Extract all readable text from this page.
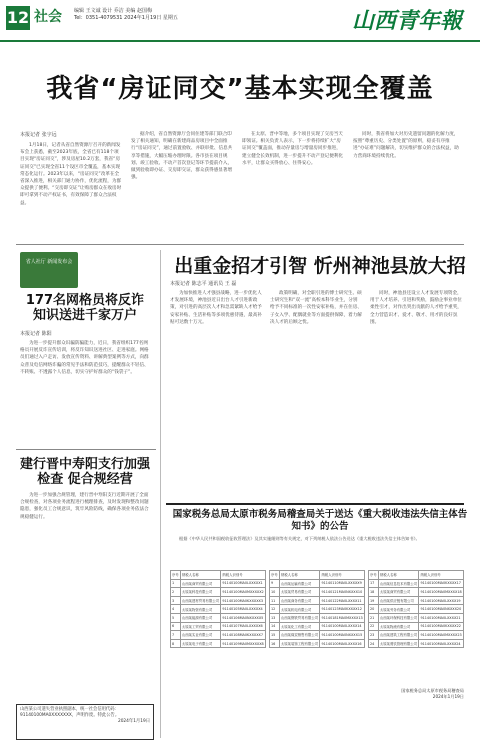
12 社会 编辑 王文诚 设计 乔洁 美编 赵国梅
Tel：0351-4079531 2024年1月19日 星期五	山西青年報
我省“房证同交”基本实现全覆盖
本报记者 张宇远

1月18日，记者从省自然资源厅召开的新闻发布会上获悉，截至2023年底，全省已有118个项目实现“房证同交”，涉及房屋10.2万套，我省“房证同交”已实现全省11个设区市全覆盖，基本实现常态化运行。2023年以来，“房证同交”改革在全省深入推进，相关部门通力协作，优化流程，为群众提供了便利。“交房即交证”让购房群众在收房时即可拿到不动产权证书，有效保障了群众合法权益。

据介绍，省自然资源厅会同住建等部门联合印发了相关通知，明确在新建商品房项目中全面推行“房证同交”，通过前置验收、并联审批、信息共享等措施，大幅压缩办理时限。各市县在项目规划、竣工验收、不动产首次登记等环节提前介入，做到验收即办证、交房即交证，群众获得感显著增强。

在太原、晋中等地，多个项目实现了交房当天即领证。相关负责人表示，下一步将持续扩大“房证同交”覆盖面，推动存量房与增量房同步推进，建立健全长效机制，进一步提升不动产登记便利化水平，让群众买得放心、住得安心。

同时，我省将加大对历史遗留问题的化解力度，按照“尊重历史、分类处置”的原则，稳妥有序推进“办证难”问题解决，切实维护群众的合法权益，助力营商环境持续优化。

省人社厅 新闻发布会
177名网格员将反诈知识送进千家万户
本报记者 陈阳

为进一步提升群众识骗防骗能力，近日，我省组织177名网格员开展反诈宣传培训，将反诈知识送进社区、走进家庭。网格员们通过入户走访、发放宣传资料、讲解典型案例等方式，向群众普及电信网络诈骗的常见手法和防范技巧，提醒群众不轻信、不转账、不透露个人信息，切实守护好群众的“钱袋子”。

出重金招才引智 忻州神池县放大招
本报记者 陈志平 通讯员 王 磊

为加快推进人才强县战略，进一步优化人才发展环境，神池县近日出台人才引进新政策，对引进的高层次人才和急需紧缺人才给予安家补贴、生活补贴等多项优惠待遇，最高补贴可达数十万元。

政策明确，对全职引进的博士研究生、硕士研究生和“双一流”高校本科毕业生，分别给予不同标准的一次性安家补贴，并在住房、子女入学、配偶就业等方面提供保障，着力解决人才的后顾之忧。

同时，神池县还设立人才发展专项资金，用于人才培养、引进和奖励，鼓励企事业单位柔性引才，对作出突出贡献的人才给予重奖，全力营造识才、爱才、敬才、用才的良好氛围。

建行晋中寿阳支行加强检查 促合规经营

为进一步加强合规管理，建行晋中寿阳支行近期开展了全面合规检查，对各项业务流程进行梳理排查，及时发现和整改问题隐患，强化员工合规意识，筑牢风险防线，确保各项业务依法合规稳健运行。	国家税务总局太原市税务局稽查局关于送达《重大税收违法失信主体告知书》的公告

根据《中华人民共和国税收征收管理法》及其实施细则等有关规定，对下列纳税人依法公告送达《重大税收违法失信主体告知书》。

序号	纳税人名称	纳税人识别号
1	山西某商贸有限公司	91140100MA0LXXXXX1
2	太原某科技有限公司	91140100MA0MXXXXX2
3	山西某建材贸易有限公司	91140100MA0KXXXXX3
4	太原某物资有限公司	91140105MA0LXXXXX4
5	山西某能源有限公司	91140106MA0NXXXXX5
6	太原某工贸有限公司	91140107MA0LXXXXX6
7	山西某实业有限公司	91140108MA0KXXXXX7
8	太原某电子有限公司	91140109MA0MXXXXX8
序号	纳税人名称	纳税人识别号
9	山西某运输有限公司	91140110MA0LXXXXX9
10	太原某贸易有限公司	91140121MA0NXXXX10
11	山西某商务有限公司	91140122MA0LXXXX11
12	太原某机电有限公司	91140123MA0KXXXX12
13	山西某钢铁贸易有限公司	91140181MA0MXXXX13
14	太原某化工有限公司	91140100MA0LXXXX14
15	山西某煤炭销售有限公司	91140100MA0NXXXX15
16	太原某装饰工程有限公司	91140100MA0LXXXX16
序号	纳税人名称	纳税人识别号
17	山西某信息技术有限公司	91140100MA0KXXXX17
18	太原某商贸有限公司	91140100MA0MXXXX18
19	山西某供应链有限公司	91140100MA0LXXXX19
20	太原某劳务有限公司	91140100MA0NXXXX20
21	山西某环保科技有限公司	91140100MA0LXXXX21
22	太原某物流有限公司	91140100MA0KXXXX22
23	山西某建筑工程有限公司	91140100MA0MXXXX23
24	太原某餐饮管理有限公司	91140100MA0LXXXX24
国家税务总局太原市税务局稽查局
2024年1月19日
山西某公司遗失营业执照副本，统一社会信用代码：91140100MA0XXXXXXX，声明作废。特此公告。
2024年1月19日
